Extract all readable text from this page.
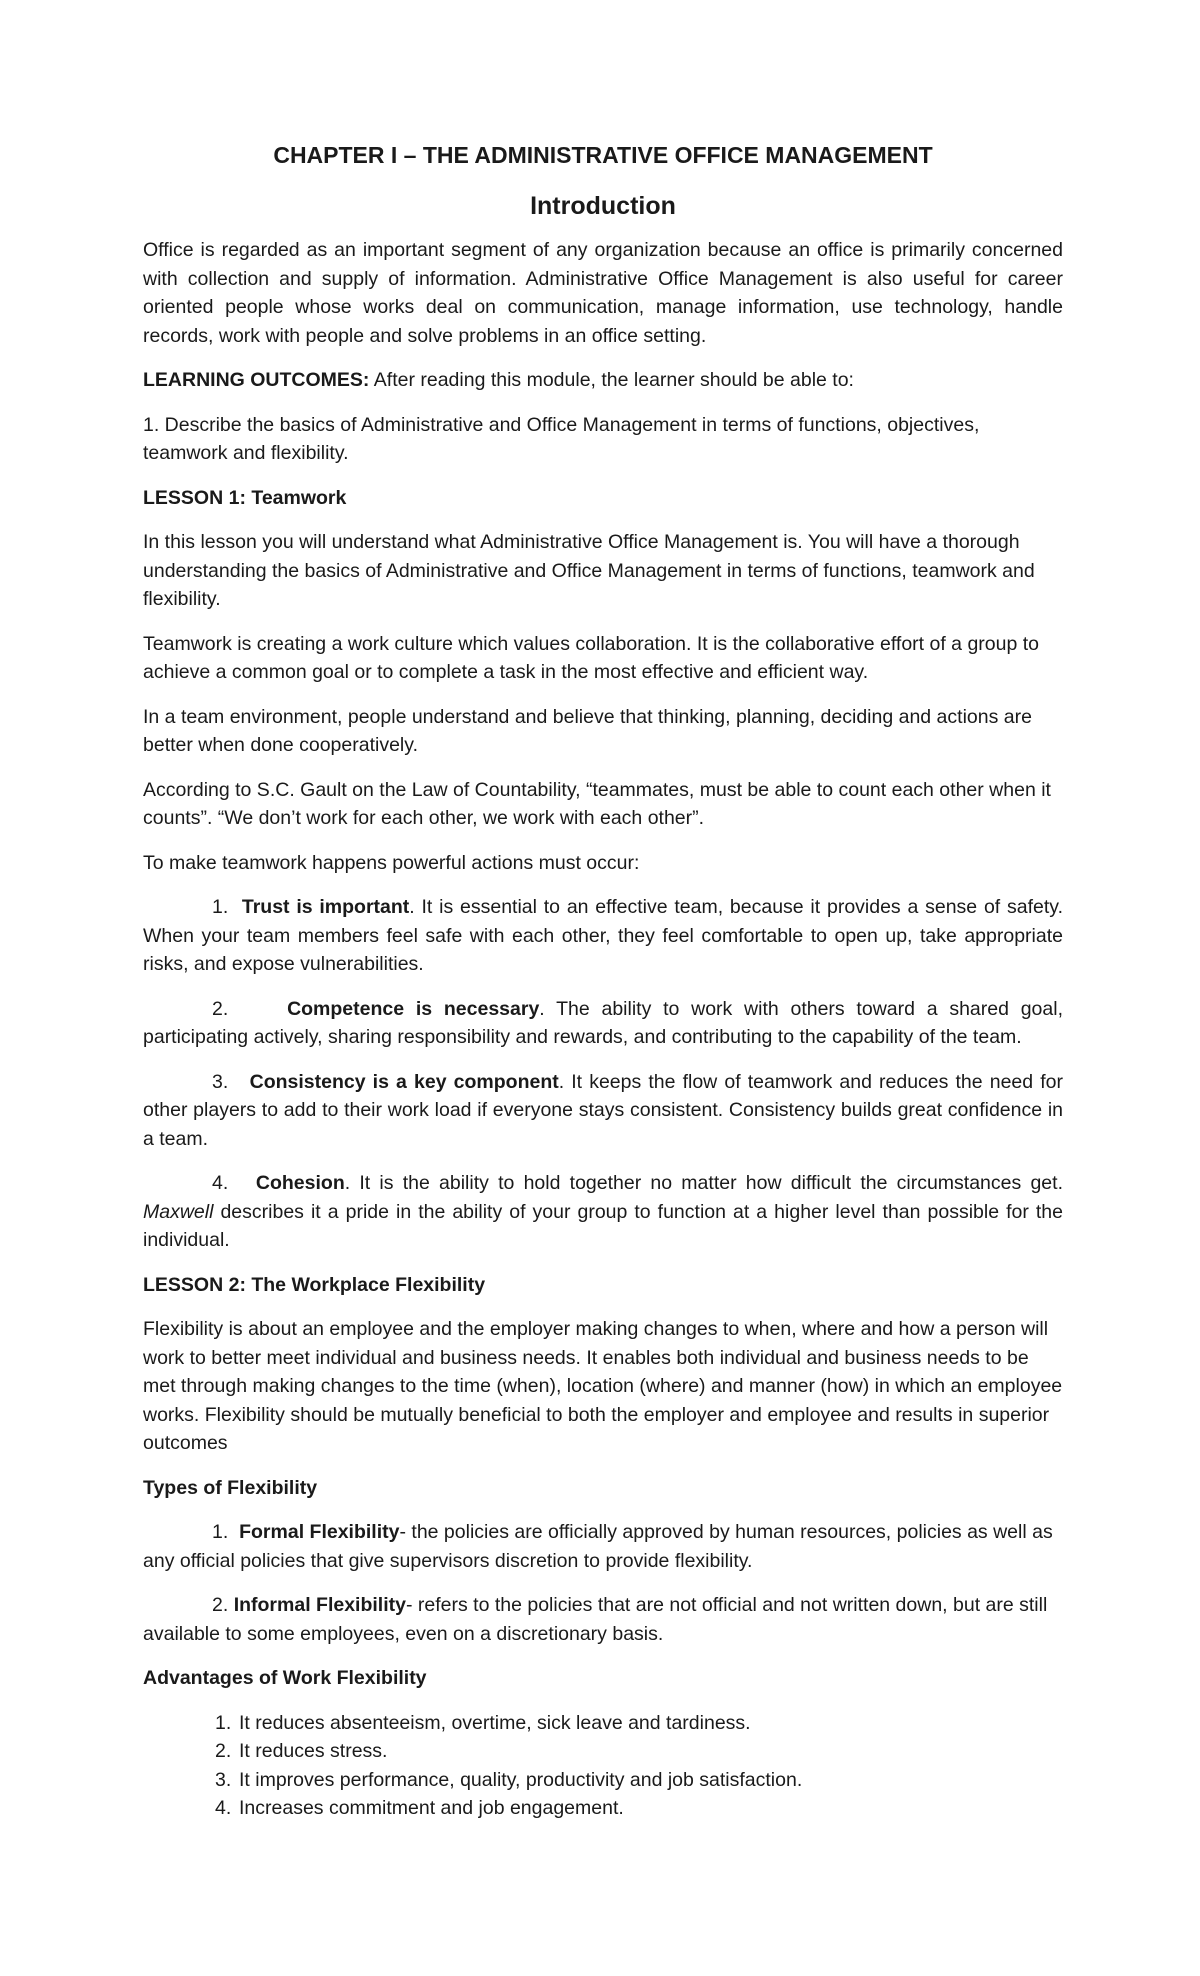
CHAPTER I – THE ADMINISTRATIVE OFFICE MANAGEMENT
Introduction

Office is regarded as an important segment of any organization because an office is primarily concerned with collection and supply of information. Administrative Office Management is also useful for career oriented people whose works deal on communication, manage information, use technology, handle records, work with people and solve problems in an office setting.

LEARNING OUTCOMES: After reading this module, the learner should be able to:

1. Describe the basics of Administrative and Office Management in terms of functions, objectives, teamwork and flexibility.

LESSON 1: Teamwork

In this lesson you will understand what Administrative Office Management is. You will have a thorough understanding the basics of Administrative and Office Management in terms of functions, teamwork and flexibility.

Teamwork is creating a work culture which values collaboration. It is the collaborative effort of a group to achieve a common goal or to complete a task in the most effective and efficient way.

In a team environment, people understand and believe that thinking, planning, deciding and actions are better when done cooperatively.

According to S.C. Gault on the Law of Countability, “teammates, must be able to count each other when it counts”. “We don’t work for each other, we work with each other”.

To make teamwork happens powerful actions must occur:

1. Trust is important. It is essential to an effective team, because it provides a sense of safety. When your team members feel safe with each other, they feel comfortable to open up, take appropriate risks, and expose vulnerabilities.

2.	Competence is necessary. The ability to work with others toward a shared goal, participating actively, sharing responsibility and rewards, and contributing to the capability of the team.

3. Consistency is a key component. It keeps the flow of teamwork and reduces the need for other players to add to their work load if everyone stays consistent. Consistency builds great confidence in a team.

4. Cohesion. It is the ability to hold together no matter how difficult the circumstances get. Maxwell describes it a pride in the ability of your group to function at a higher level than possible for the individual.

LESSON 2: The Workplace Flexibility

Flexibility is about an employee and the employer making changes to when, where and how a person will work to better meet individual and business needs. It enables both individual and business needs to be met through making changes to the time (when), location (where) and manner (how) in which an employee works. Flexibility should be mutually beneficial to both the employer and employee and results in superior outcomes

Types of Flexibility

1. Formal Flexibility- the policies are officially approved by human resources, policies as well as any official policies that give supervisors discretion to provide flexibility.

2. Informal Flexibility- refers to the policies that are not official and not written down, but are still available to some employees, even on a discretionary basis.

Advantages of Work Flexibility
1. It reduces absenteeism, overtime, sick leave and tardiness.
2. It reduces stress.
3. It improves performance, quality, productivity and job satisfaction.
4. Increases commitment and job engagement.
